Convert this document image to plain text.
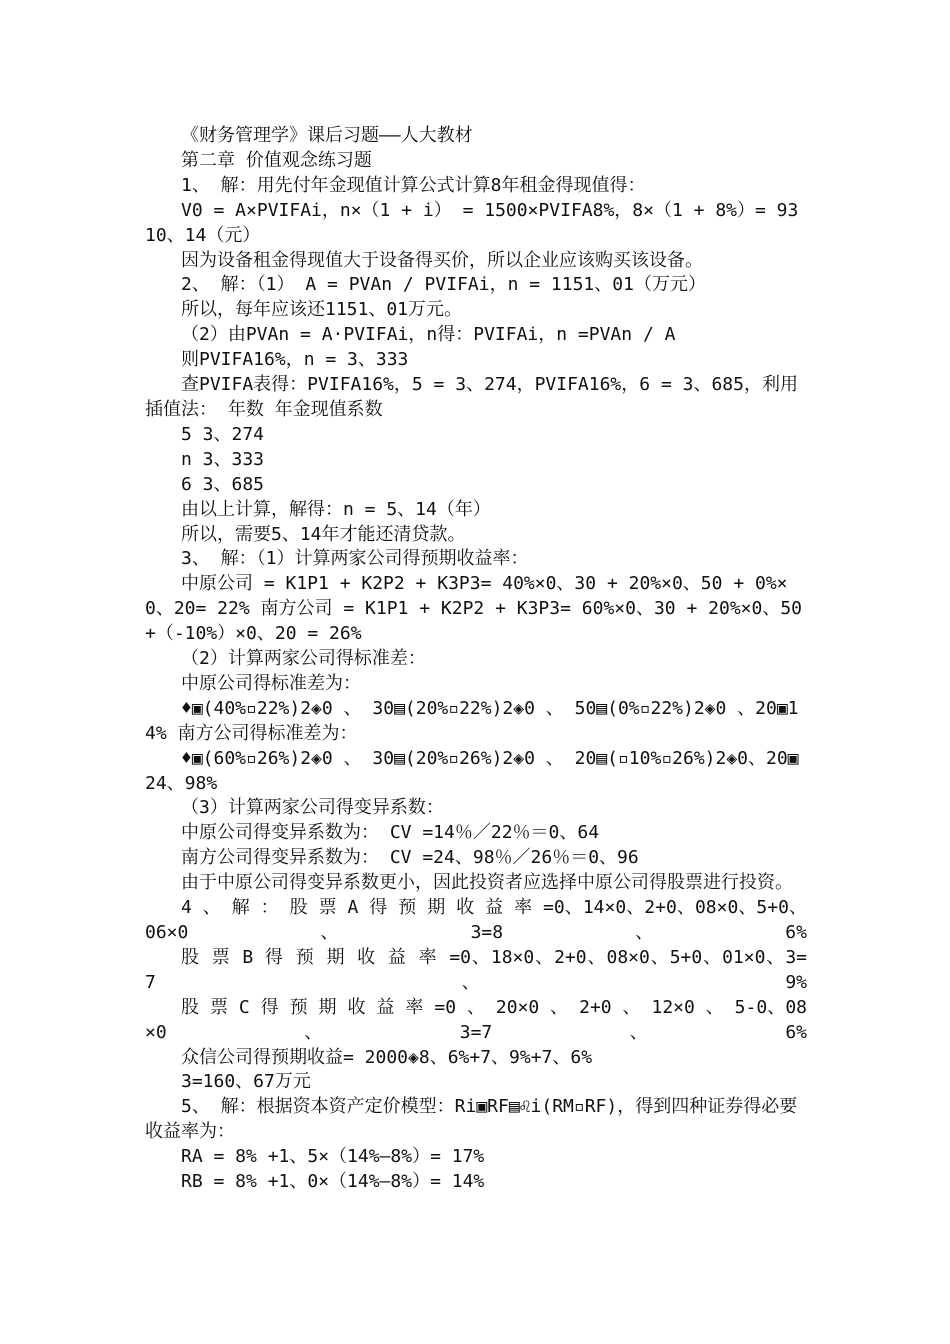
《财务管理学》课后习题——人大教材

第二章 价值观念练习题

1、 解：用先付年金现值计算公式计算8年租金得现值得：

V0 = A×PVIFAi，n×（1 + i） = 1500×PVIFA8%，8×（1 + 8%）= 9310、14（元）

因为设备租金得现值大于设备得买价，所以企业应该购买该设备。

2、 解：（1） A = PVAn / PVIFAi，n = 1151、01（万元）

所以，每年应该还1151、01万元。

（2）由PVAn = A·PVIFAi，n得：PVIFAi，n =PVAn / A

则PVIFA16%，n = 3、333

查PVIFA表得：PVIFA16%，5 = 3、274，PVIFA16%，6 = 3、685，利用插值法： 年数 年金现值系数

5 3、274

n 3、333

6 3、685

由以上计算，解得：n = 5、14（年）

所以，需要5、14年才能还清贷款。

3、 解：（1）计算两家公司得预期收益率：

中原公司 = K1P1 + K2P2 + K3P3= 40%×0、30 + 20%×0、50 + 0%×0、20= 22% 南方公司 = K1P1 + K2P2 + K3P3= 60%×0、30 + 20%×0、50 +（-10%）×0、20 = 26%

（2）计算两家公司得标准差：

中原公司得标准差为：

♦▣(40%▫22%)2◈0 、 30▤(20%▫22%)2◈0 、 50▤(0%▫22%)2◈0 、20▣14% 南方公司得标准差为：

♦▣(60%▫26%)2◈0 、 30▤(20%▫26%)2◈0 、 20▤(▫10%▫26%)2◈0、20▣24、98%

（3）计算两家公司得变异系数：

中原公司得变异系数为： CV =14％／22％＝0、64

南方公司得变异系数为： CV =24、98％／26％＝0、96

由于中原公司得变异系数更小，因此投资者应选择中原公司得股票进行投资。

4 、 解 ： 股 票 A 得 预 期 收 益 率 =0、14×0、2+0、08×0、5+0、06×0、3=8、6%

股 票 B 得 预 期 收 益 率 =0、18×0、2+0、08×0、5+0、01×0、3=7、9%

股 票 C 得 预 期 收 益 率 =0 、 20×0 、 2+0 、 12×0 、 5-0、08×0、3=7、6%

众信公司得预期收益= 2000◈8、6%+7、9%+7、6%

3=160、67万元

5、 解：根据资本资产定价模型：Ri▣RF▤♌i(RM▫RF)，得到四种证券得必要收益率为：

RA = 8% +1、5×（14%—8%）= 17%

RB = 8% +1、0×（14%—8%）= 14%
